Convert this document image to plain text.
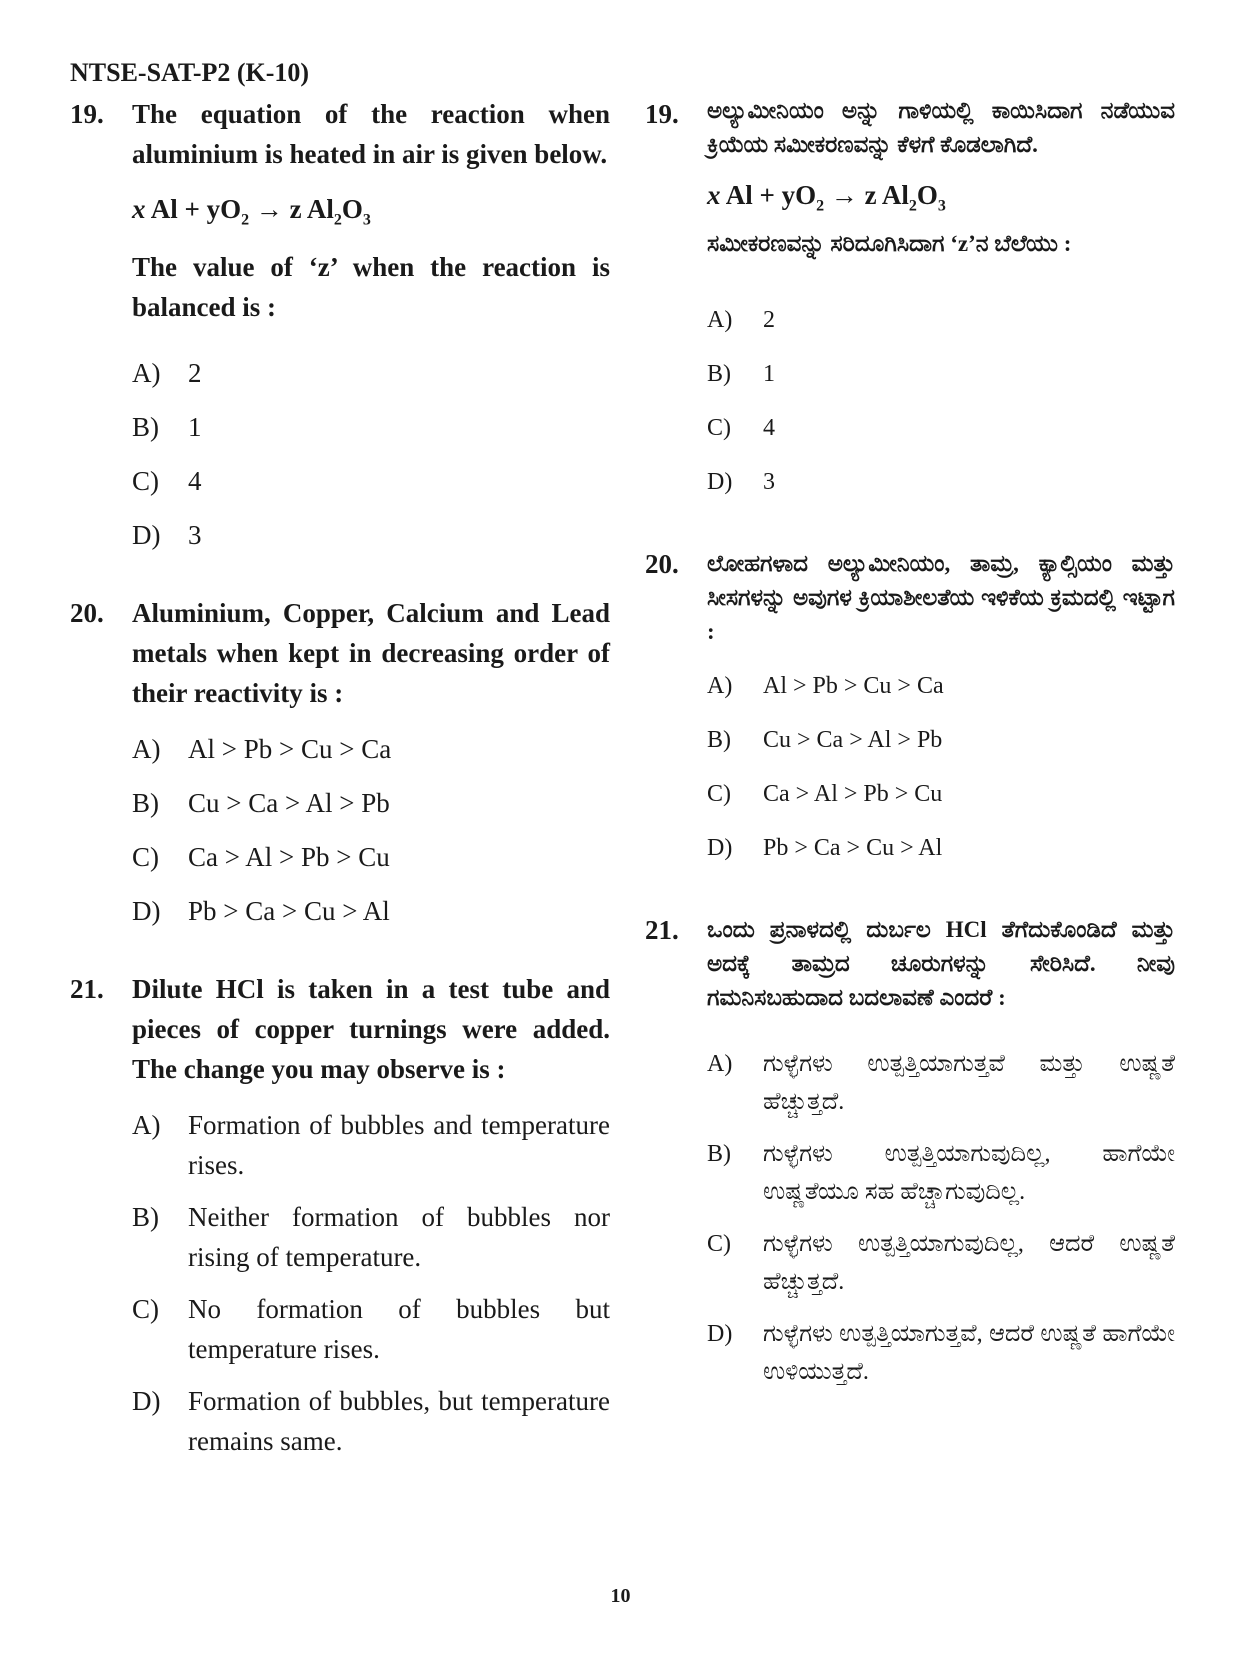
NTSE-SAT-P2 (K-10)
19.	The equation of the reaction when aluminium is heated in air is given below.
x $Al + yO_2 \to z$ $Al_2O_3$
The value of ‘z’ when the reaction is balanced is :
A)	2
B)	1
C)	4
D)	3
20.	Aluminium, Copper, Calcium and Lead metals when kept in decreasing order of their reactivity is :
A)	Al > Pb > Cu > Ca
B)	Cu > Ca > Al > Pb
C)	Ca > Al > Pb > Cu
D)	Pb > Ca > Cu > Al
21.	Dilute HCl is taken in a test tube and pieces of copper turnings were added. The change you may observe is :
A)	Formation of bubbles and temperature rises.
B)	Neither formation of bubbles nor rising of temperature.
C)	No formation of bubbles but temperature rises.
D)	Formation of bubbles, but temperature remains same.
19.	ಅಲ್ಯುಮೀನಿಯಂ ಅನ್ನು ಗಾಳಿಯಲ್ಲಿ ಕಾಯಿಸಿದಾಗ ನಡೆಯುವ ಕ್ರಿಯೆಯ ಸಮೀಕರಣವನ್ನು ಕೆಳಗೆ ಕೊಡಲಾಗಿದೆ.
x $Al + yO_2 \to z$ $Al_2O_3$
ಸಮೀಕರಣವನ್ನು ಸರಿದೂಗಿಸಿದಾಗ ‘z’ನ ಬೆಲೆಯು :
A)	2
B)	1
C)	4
D)	3
20.	ಲೋಹಗಳಾದ ಅಲ್ಯುಮೀನಿಯಂ, ತಾಮ್ರ, ಕ್ಯಾಲ್ಸಿಯಂ ಮತ್ತು ಸೀಸಗಳನ್ನು ಅವುಗಳ ಕ್ರಿಯಾಶೀಲತೆಯ ಇಳಿಕೆಯ ಕ್ರಮದಲ್ಲಿ ಇಟ್ಟಾಗ :
A)	Al > Pb > Cu > Ca
B)	Cu > Ca > Al > Pb
C)	Ca > Al > Pb > Cu
D)	Pb > Ca > Cu > Al
21.	ಒಂದು ಪ್ರನಾಳದಲ್ಲಿ ದುರ್ಬಲ HCl ತೆಗೆದುಕೊಂಡಿದೆ ಮತ್ತು ಅದಕ್ಕೆ ತಾಮ್ರದ ಚೂರುಗಳನ್ನು ಸೇರಿಸಿದೆ. ನೀವು ಗಮನಿಸಬಹುದಾದ ಬದಲಾವಣೆ ಎಂದರೆ :
A)	ಗುಳ್ಳೆಗಳು ಉತ್ಪತ್ತಿಯಾಗುತ್ತವೆ ಮತ್ತು ಉಷ್ಣತೆ ಹೆಚ್ಚುತ್ತದೆ.
B)	ಗುಳ್ಳೆಗಳು ಉತ್ಪತ್ತಿಯಾಗುವುದಿಲ್ಲ, ಹಾಗೆಯೇ ಉಷ್ಣತೆಯೂ ಸಹ ಹೆಚ್ಚಾಗುವುದಿಲ್ಲ.
C)	ಗುಳ್ಳೆಗಳು ಉತ್ಪತ್ತಿಯಾಗುವುದಿಲ್ಲ, ಆದರೆ ಉಷ್ಣತೆ ಹೆಚ್ಚುತ್ತದೆ.
D)	ಗುಳ್ಳೆಗಳು ಉತ್ಪತ್ತಿಯಾಗುತ್ತವೆ, ಆದರೆ ಉಷ್ಣತೆ ಹಾಗೆಯೇ ಉಳಿಯುತ್ತದೆ.
10
